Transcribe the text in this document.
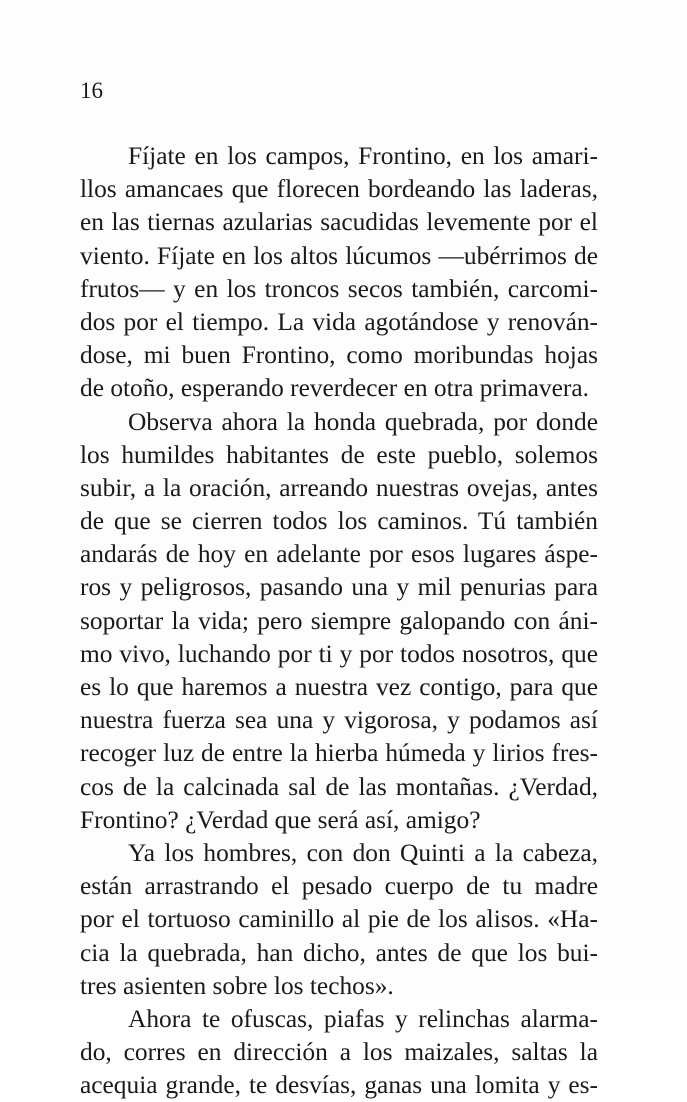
16
Fíjate en los campos, Frontino, en los amari-
llos amancaes que florecen bordeando las laderas,
en las tiernas azularias sacudidas levemente por el
viento. Fíjate en los altos lúcumos —ubérrimos de
frutos— y en los troncos secos también, carcomi-
dos por el tiempo. La vida agotándose y renován-
dose, mi buen Frontino, como moribundas hojas
de otoño, esperando reverdecer en otra primavera.
Observa ahora la honda quebrada, por donde
los humildes habitantes de este pueblo, solemos
subir, a la oración, arreando nuestras ovejas, antes
de que se cierren todos los caminos. Tú también
andarás de hoy en adelante por esos lugares áspe-
ros y peligrosos, pasando una y mil penurias para
soportar la vida; pero siempre galopando con áni-
mo vivo, luchando por ti y por todos nosotros, que
es lo que haremos a nuestra vez contigo, para que
nuestra fuerza sea una y vigorosa, y podamos así
recoger luz de entre la hierba húmeda y lirios fres-
cos de la calcinada sal de las montañas. ¿Verdad,
Frontino? ¿Verdad que será así, amigo?
Ya los hombres, con don Quinti a la cabeza,
están arrastrando el pesado cuerpo de tu madre
por el tortuoso caminillo al pie de los alisos. «Ha-
cia la quebrada, han dicho, antes de que los bui-
tres asienten sobre los techos».
Ahora te ofuscas, piafas y relinchas alarma-
do, corres en dirección a los maizales, saltas la
acequia grande, te desvías, ganas una lomita y es-
